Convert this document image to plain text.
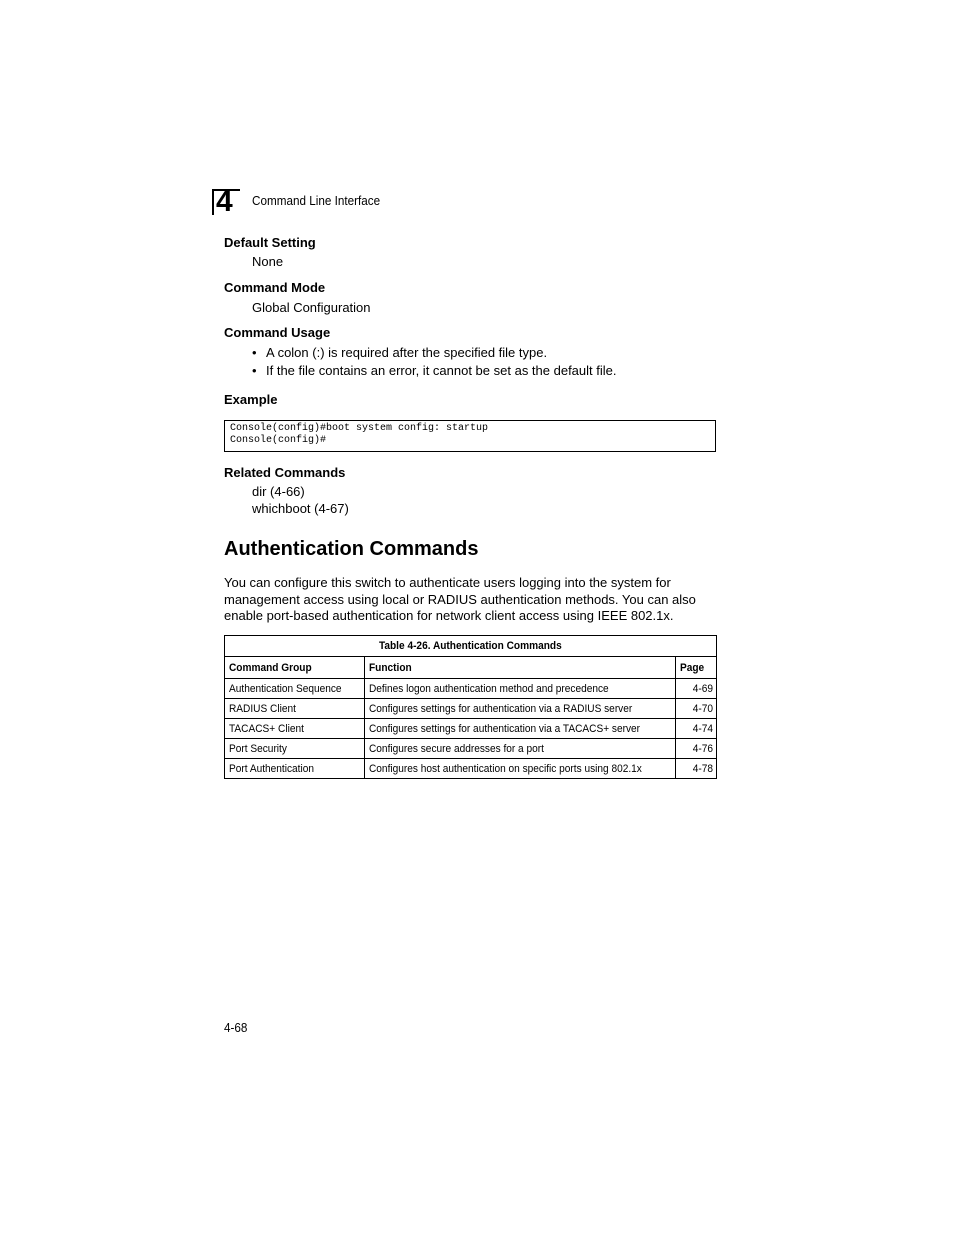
4 Command Line Interface
Default Setting
None
Command Mode
Global Configuration
Command Usage
• A colon (:) is required after the specified file type.
• If the file contains an error, it cannot be set as the default file.
Example
Console(config)#boot system config: startup
Console(config)#
Related Commands
dir (4-66)
whichboot (4-67)
Authentication Commands
You can configure this switch to authenticate users logging into the system for management access using local or RADIUS authentication methods. You can also enable port-based authentication for network client access using IEEE 802.1x.
Table 4-26. Authentication Commands		
Command Group	Function	Page
Authentication Sequence	Defines logon authentication method and precedence	4-69
RADIUS Client	Configures settings for authentication via a RADIUS server	4-70
TACACS+ Client	Configures settings for authentication via a TACACS+ server	4-74
Port Security	Configures secure addresses for a port	4-76
Port Authentication	Configures host authentication on specific ports using 802.1x	4-78
4-68
